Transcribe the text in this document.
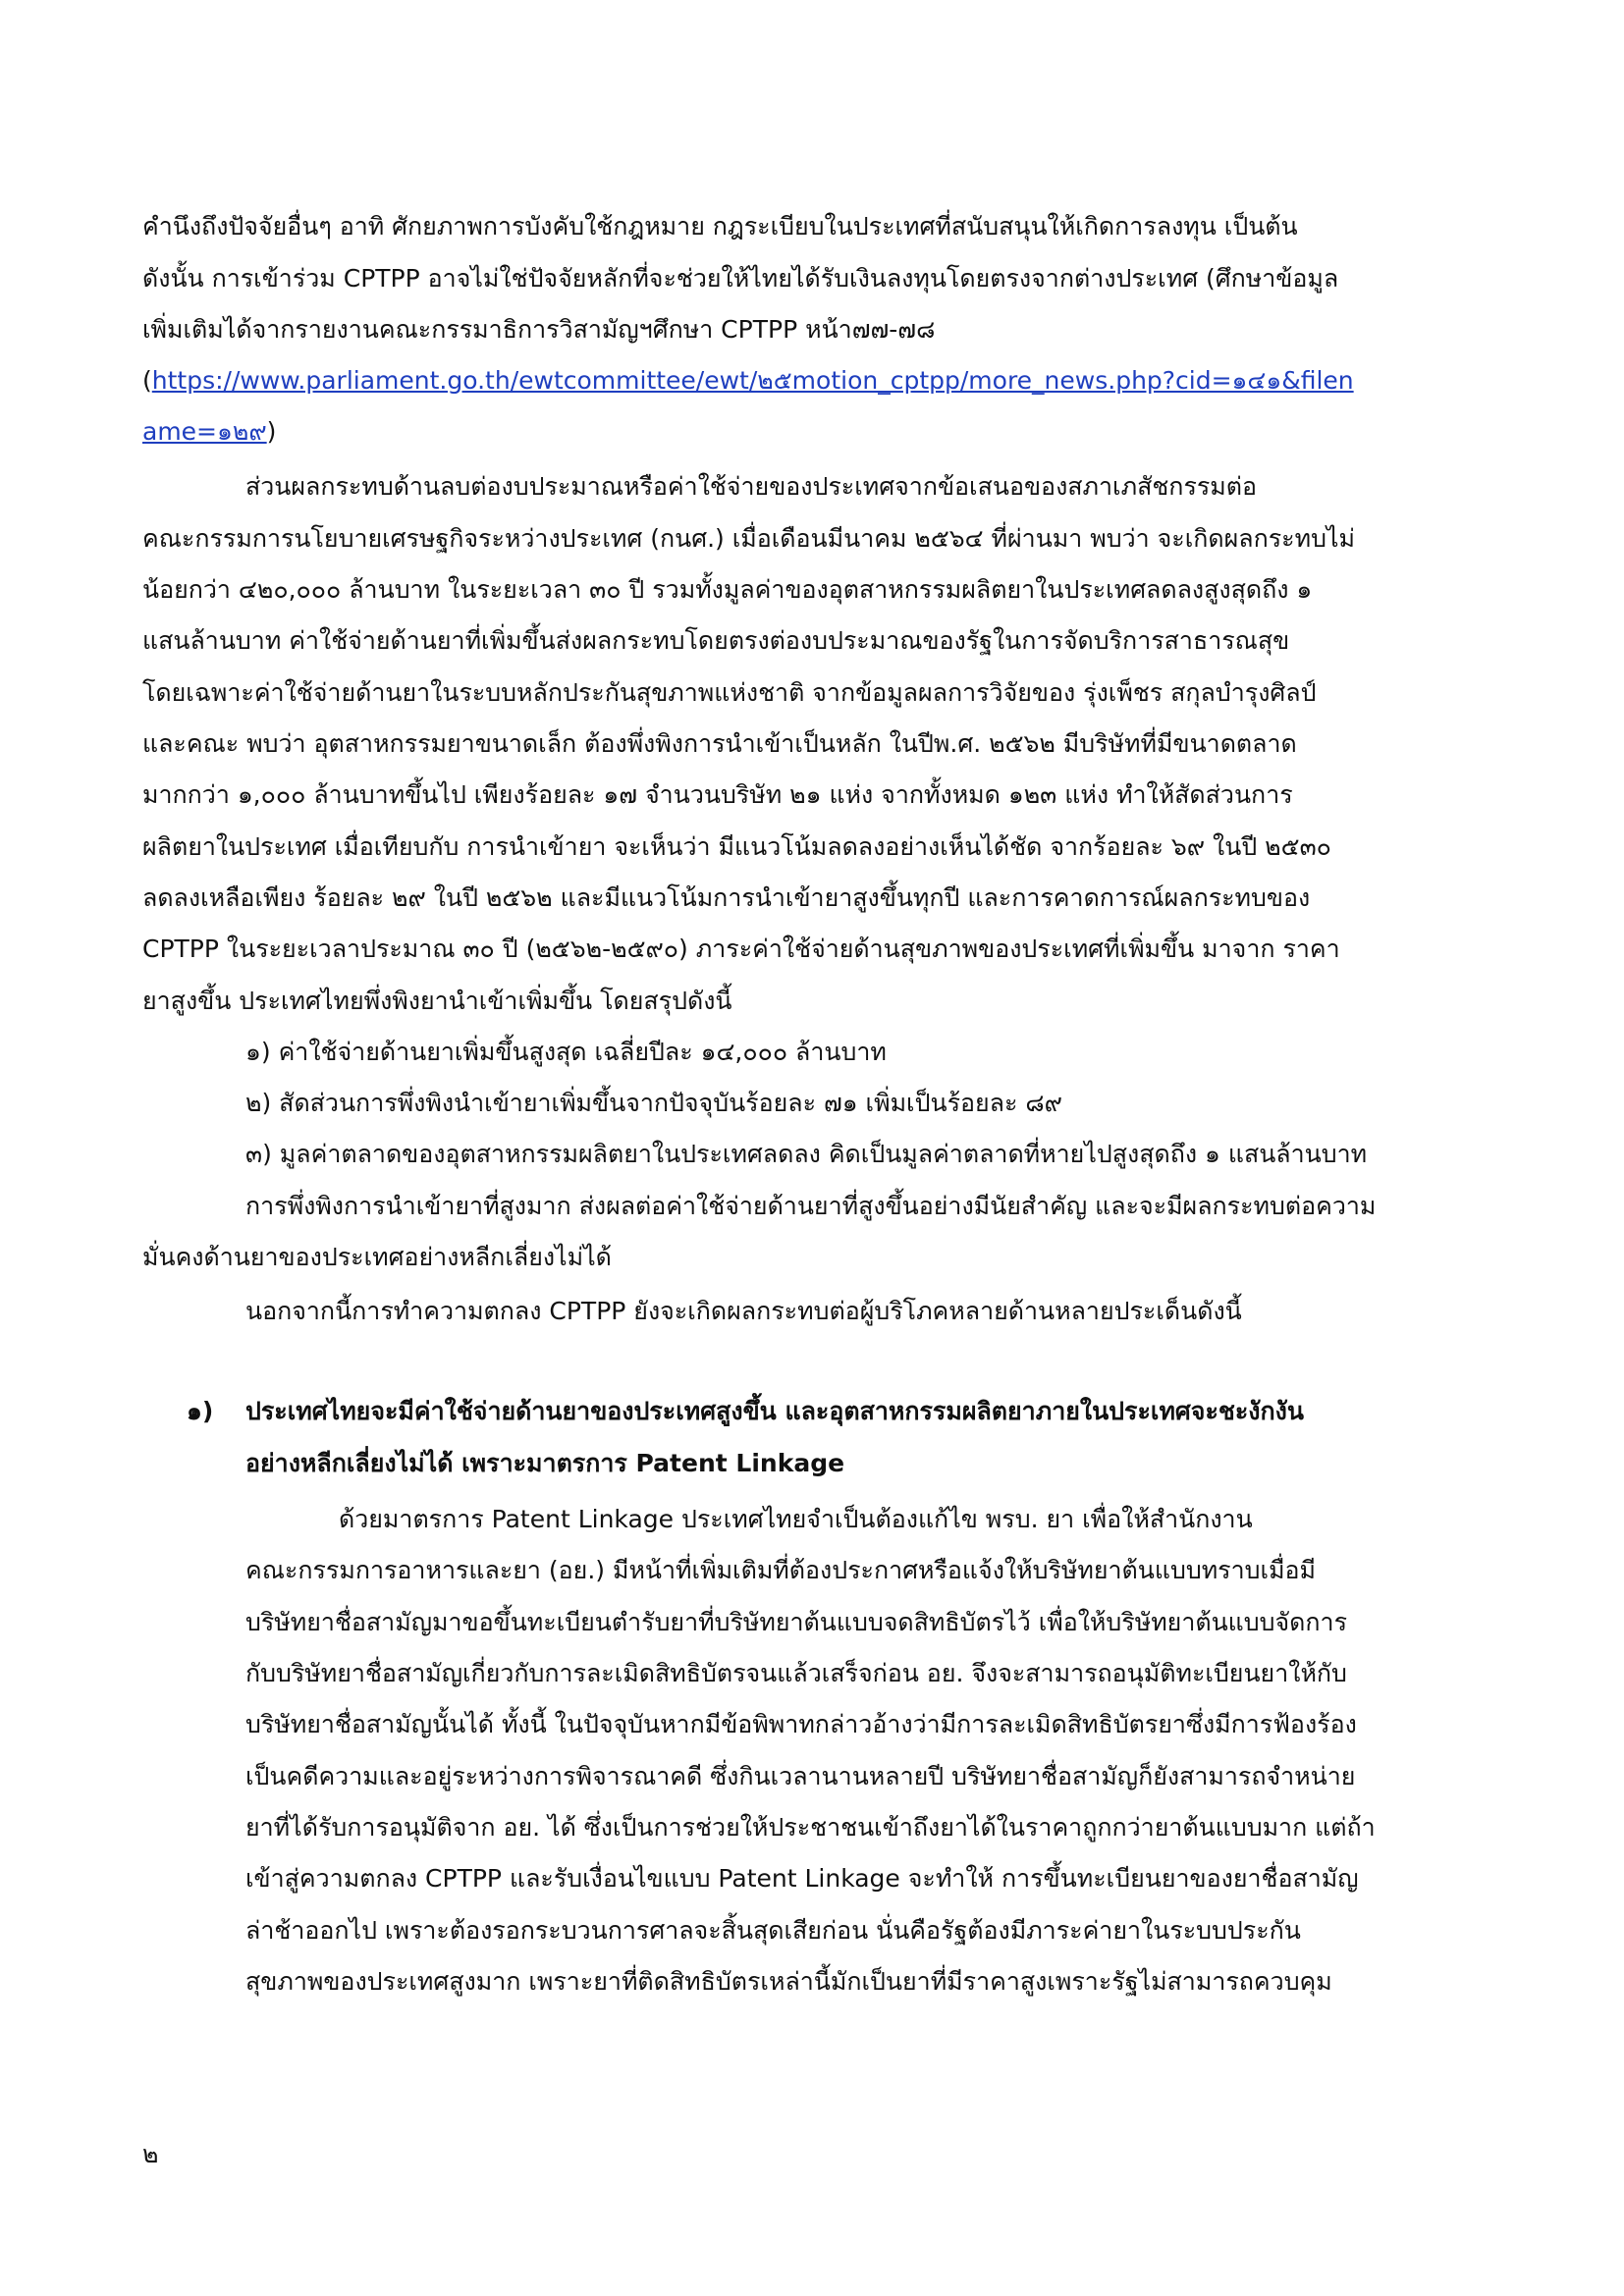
คำนึงถึงปัจจัยอื่นๆ อาทิ ศักยภาพการบังคับใช้กฎหมาย กฎระเบียบในประเทศที่สนับสนุนให้เกิดการลงทุน เป็นต้น
ดังนั้น การเข้าร่วม CPTPP อาจไม่ใช่ปัจจัยหลักที่จะช่วยให้ไทยได้รับเงินลงทุนโดยตรงจากต่างประเทศ (ศึกษาข้อมูล
เพิ่มเติมได้จากรายงานคณะกรรมาธิการวิสามัญฯศึกษา CPTPP หน้า๗๗-๗๘
(https://www.parliament.go.th/ewtcommittee/ewt/๒๕motion_cptpp/more_news.php?cid=๑๔๑&filen
ame=๑๒๙)
ส่วนผลกระทบด้านลบต่องบประมาณหรือค่าใช้จ่ายของประเทศจากข้อเสนอของสภาเภสัชกรรมต่อ
คณะกรรมการนโยบายเศรษฐกิจระหว่างประเทศ (กนศ.) เมื่อเดือนมีนาคม ๒๕๖๔ ที่ผ่านมา พบว่า จะเกิดผลกระทบไม่
น้อยกว่า ๔๒๐,๐๐๐ ล้านบาท ในระยะเวลา ๓๐ ปี รวมทั้งมูลค่าของอุตสาหกรรมผลิตยาในประเทศลดลงสูงสุดถึง ๑
แสนล้านบาท ค่าใช้จ่ายด้านยาที่เพิ่มขึ้นส่งผลกระทบโดยตรงต่องบประมาณของรัฐในการจัดบริการสาธารณสุข
โดยเฉพาะค่าใช้จ่ายด้านยาในระบบหลักประกันสุขภาพแห่งชาติ จากข้อมูลผลการวิจัยของ รุ่งเพ็ชร สกุลบำรุงศิลป์
และคณะ พบว่า อุตสาหกรรมยาขนาดเล็ก ต้องพึ่งพิงการนำเข้าเป็นหลัก ในปีพ.ศ. ๒๕๖๒ มีบริษัทที่มีขนาดตลาด
มากกว่า ๑,๐๐๐ ล้านบาทขึ้นไป เพียงร้อยละ ๑๗ จำนวนบริษัท ๒๑ แห่ง จากทั้งหมด ๑๒๓ แห่ง ทำให้สัดส่วนการ
ผลิตยาในประเทศ เมื่อเทียบกับ การนำเข้ายา จะเห็นว่า มีแนวโน้มลดลงอย่างเห็นได้ชัด จากร้อยละ ๖๙ ในปี ๒๕๓๐
ลดลงเหลือเพียง ร้อยละ ๒๙ ในปี ๒๕๖๒ และมีแนวโน้มการนำเข้ายาสูงขึ้นทุกปี และการคาดการณ์ผลกระทบของ
CPTPP ในระยะเวลาประมาณ ๓๐ ปี (๒๕๖๒-๒๕๙๐) ภาระค่าใช้จ่ายด้านสุขภาพของประเทศที่เพิ่มขึ้น มาจาก ราคา
ยาสูงขึ้น ประเทศไทยพึ่งพิงยานำเข้าเพิ่มขึ้น โดยสรุปดังนี้
๑) ค่าใช้จ่ายด้านยาเพิ่มขึ้นสูงสุด เฉลี่ยปีละ ๑๔,๐๐๐ ล้านบาท
๒) สัดส่วนการพึ่งพิงนำเข้ายาเพิ่มขึ้นจากปัจจุบันร้อยละ ๗๑ เพิ่มเป็นร้อยละ ๘๙
๓) มูลค่าตลาดของอุตสาหกรรมผลิตยาในประเทศลดลง คิดเป็นมูลค่าตลาดที่หายไปสูงสุดถึง ๑ แสนล้านบาท
การพึ่งพิงการนำเข้ายาที่สูงมาก ส่งผลต่อค่าใช้จ่ายด้านยาที่สูงขึ้นอย่างมีนัยสำคัญ และจะมีผลกระทบต่อความ
มั่นคงด้านยาของประเทศอย่างหลีกเลี่ยงไม่ได้
นอกจากนี้การทำความตกลง CPTPP ยังจะเกิดผลกระทบต่อผู้บริโภคหลายด้านหลายประเด็นดังนี้
๑) ประเทศไทยจะมีค่าใช้จ่ายด้านยาของประเทศสูงขึ้น และอุตสาหกรรมผลิตยาภายในประเทศจะชะงักงัน
อย่างหลีกเลี่ยงไม่ได้ เพราะมาตรการ Patent Linkage
ด้วยมาตรการ Patent Linkage ประเทศไทยจำเป็นต้องแก้ไข พรบ. ยา เพื่อให้สำนักงาน
คณะกรรมการอาหารและยา (อย.) มีหน้าที่เพิ่มเติมที่ต้องประกาศหรือแจ้งให้บริษัทยาต้นแบบทราบเมื่อมี
บริษัทยาชื่อสามัญมาขอขึ้นทะเบียนตำรับยาที่บริษัทยาต้นแบบจดสิทธิบัตรไว้ เพื่อให้บริษัทยาต้นแบบจัดการ
กับบริษัทยาชื่อสามัญเกี่ยวกับการละเมิดสิทธิบัตรจนแล้วเสร็จก่อน อย. จึงจะสามารถอนุมัติทะเบียนยาให้กับ
บริษัทยาชื่อสามัญนั้นได้ ทั้งนี้ ในปัจจุบันหากมีข้อพิพาทกล่าวอ้างว่ามีการละเมิดสิทธิบัตรยาซึ่งมีการฟ้องร้อง
เป็นคดีความและอยู่ระหว่างการพิจารณาคดี ซึ่งกินเวลานานหลายปี บริษัทยาชื่อสามัญก็ยังสามารถจำหน่าย
ยาที่ได้รับการอนุมัติจาก อย. ได้ ซึ่งเป็นการช่วยให้ประชาชนเข้าถึงยาได้ในราคาถูกกว่ายาต้นแบบมาก แต่ถ้า
เข้าสู่ความตกลง CPTPP และรับเงื่อนไขแบบ Patent Linkage จะทำให้ การขึ้นทะเบียนยาของยาชื่อสามัญ
ล่าช้าออกไป เพราะต้องรอกระบวนการศาลจะสิ้นสุดเสียก่อน นั่นคือรัฐต้องมีภาระค่ายาในระบบประกัน
สุขภาพของประเทศสูงมาก เพราะยาที่ติดสิทธิบัตรเหล่านี้มักเป็นยาที่มีราคาสูงเพราะรัฐไม่สามารถควบคุม
๒
